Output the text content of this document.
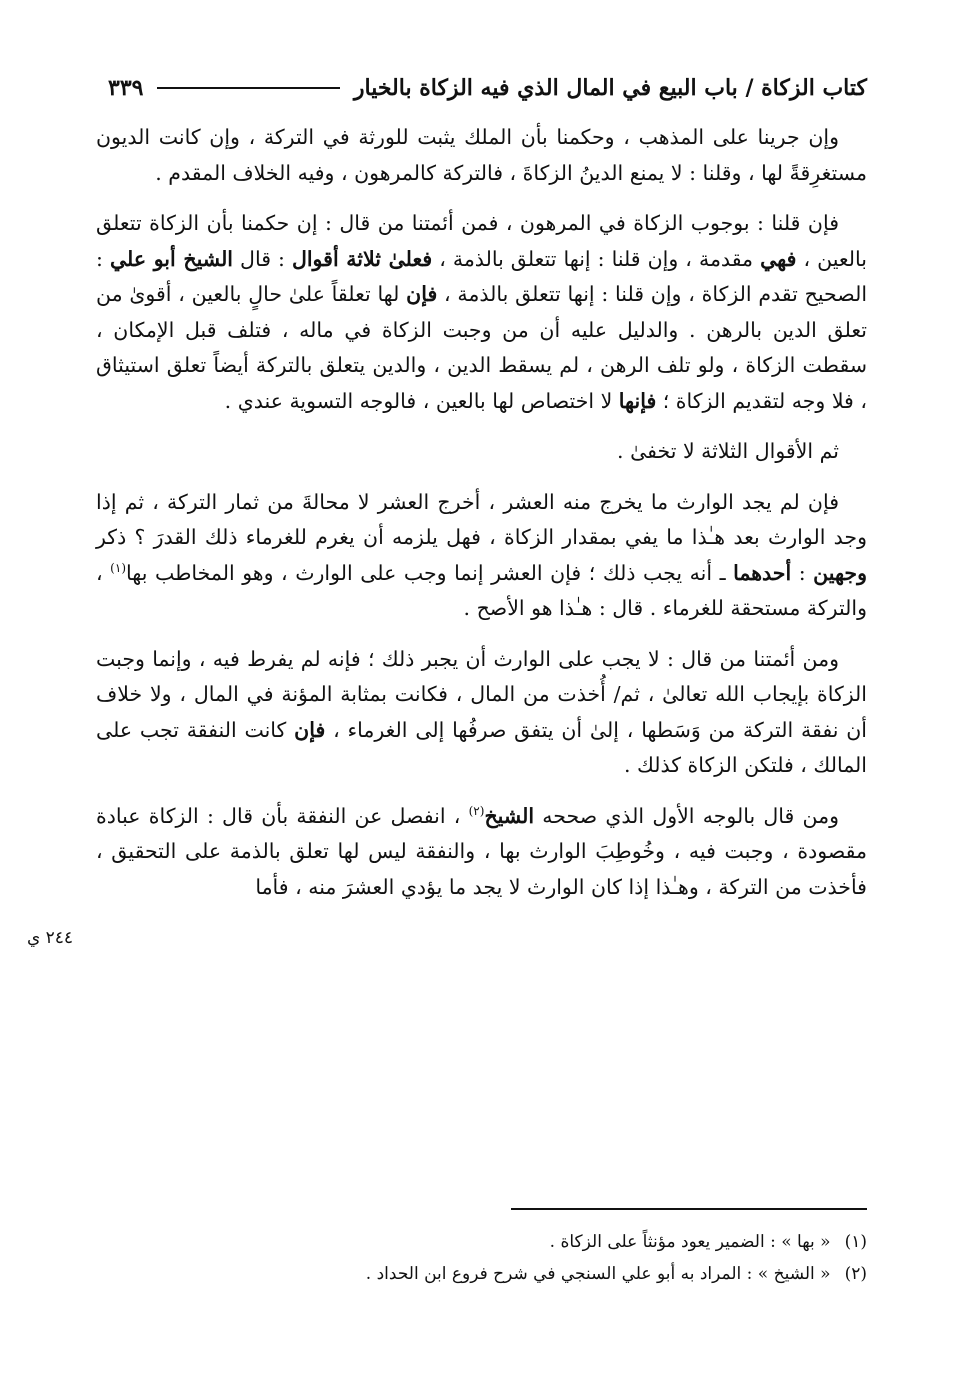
كتاب الزكاة / باب البيع في المال الذي فيه الزكاة بالخيار
٣٣٩

وإن جرينا على المذهب ، وحكمنا بأن الملك يثبت للورثة في التركة ، وإن كانت الديون مستغرِقةً لها ، وقلنا : لا يمنع الدينُ الزكاةَ ، فالتركة كالمرهون ، وفيه الخلاف المقدم .

فإن قلنا : بوجوب الزكاة في المرهون ، فمن أئمتنا من قال : إن حكمنا بأن الزكاة تتعلق بالعين ، فهي مقدمة ، وإن قلنا : إنها تتعلق بالذمة ، فعلىٰ ثلاثة أقوال : قال الشيخ أبو علي : الصحيح تقدم الزكاة ، وإن قلنا : إنها تتعلق بالذمة ، فإن لها تعلقاً علىٰ حالٍ بالعين ، أقوىٰ من تعلق الدين بالرهن . والدليل عليه أن من وجبت الزكاة في ماله ، فتلف قبل الإمكان ، سقطت الزكاة ، ولو تلف الرهن ، لم يسقط الدين ، والدين يتعلق بالتركة أيضاً تعلق استيثاق ، فلا وجه لتقديم الزكاة ؛ فإنها لا اختصاص لها بالعين ، فالوجه التسوية عندي .

ثم الأقوال الثلاثة لا تخفىٰ .

فإن لم يجد الوارث ما يخرج منه العشر ، أخرج العشر لا محالةَ من ثمار التركة ، ثم إذا وجد الوارث بعد هـٰذا ما يفي بمقدار الزكاة ، فهل يلزمه أن يغرم للغرماء ذلك القدرَ ؟ ذكر وجهين : أحدهما ـ أنه يجب ذلك ؛ فإن العشر إنما وجب على الوارث ، وهو المخاطب بها$^{(١)}$ ، والتركة مستحقة للغرماء . قال : هـٰذا هو الأصح .

ومن أئمتنا من قال : لا يجب على الوارث أن يجبر ذلك ؛ فإنه لم يفرط فيه ، وإنما وجبت الزكاة بإيجاب الله تعالىٰ ، ثم/ أُخذت من المال ، فكانت بمثابة المؤنة في المال ، ولا خلاف أن نفقة التركة من وَسَطها ، إلىٰ أن يتفق صرفُها إلى الغرماء ، فإن كانت النفقة تجب على المالك ، فلتكن الزكاة كذلك .

ومن قال بالوجه الأول الذي صححه الشيخ$^{(٢)}$ ، انفصل عن النفقة بأن قال : الزكاة عبادة مقصودة ، وجبت فيه ، وخُوطِبَ الوارث بها ، والنفقة ليس لها تعلق بالذمة على التحقيق ، فأخذت من التركة ، وهـٰذا إذا كان الوارث لا يجد ما يؤدي العشرَ منه ، فأما

٢٤٤ ي
(١)
« بها » : الضمير يعود مؤنثاً على الزكاة .
(٢)
« الشيخ » : المراد به أبو علي السنجي في شرح فروع ابن الحداد .
